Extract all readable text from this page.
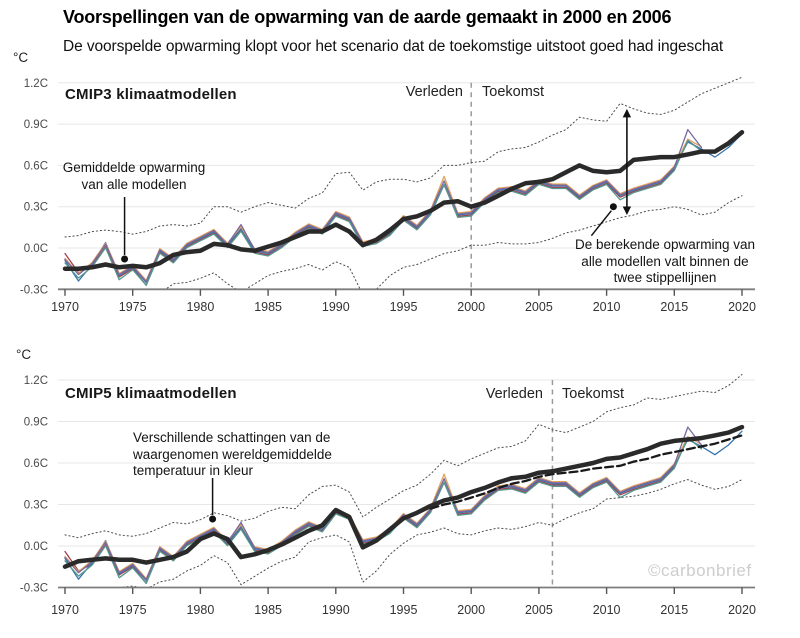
Voorspellingen van de opwarming van de aarde gemaakt in 2000 en 2006
De voorspelde opwarming klopt voor het scenario dat de toekomstige uitstoot goed had ingeschat
°C
°C
1.2C
0.9C
0.6C
0.3C
0.0C
-0.3C
1970	1975	1980	1985	1990	1995	2000	2005	2010	2015	2020
1.2C
0.9C
0.6C
0.3C
0.0C
-0.3C
1970	1975	1980	1985	1990	1995	2000	2005	2010	2015	2020
CMIP3 klimaatmodellen
CMIP5 klimaatmodellen
Verleden Toekomst
Verleden Toekomst
©carbonbrief
Gemiddelde opwarming
van alle modellen
De berekende opwarming van
alle modellen valt binnen de
twee stippellijnen
Verschillende schattingen van de
waargenomen wereldgemiddelde
temperatuur in kleur
